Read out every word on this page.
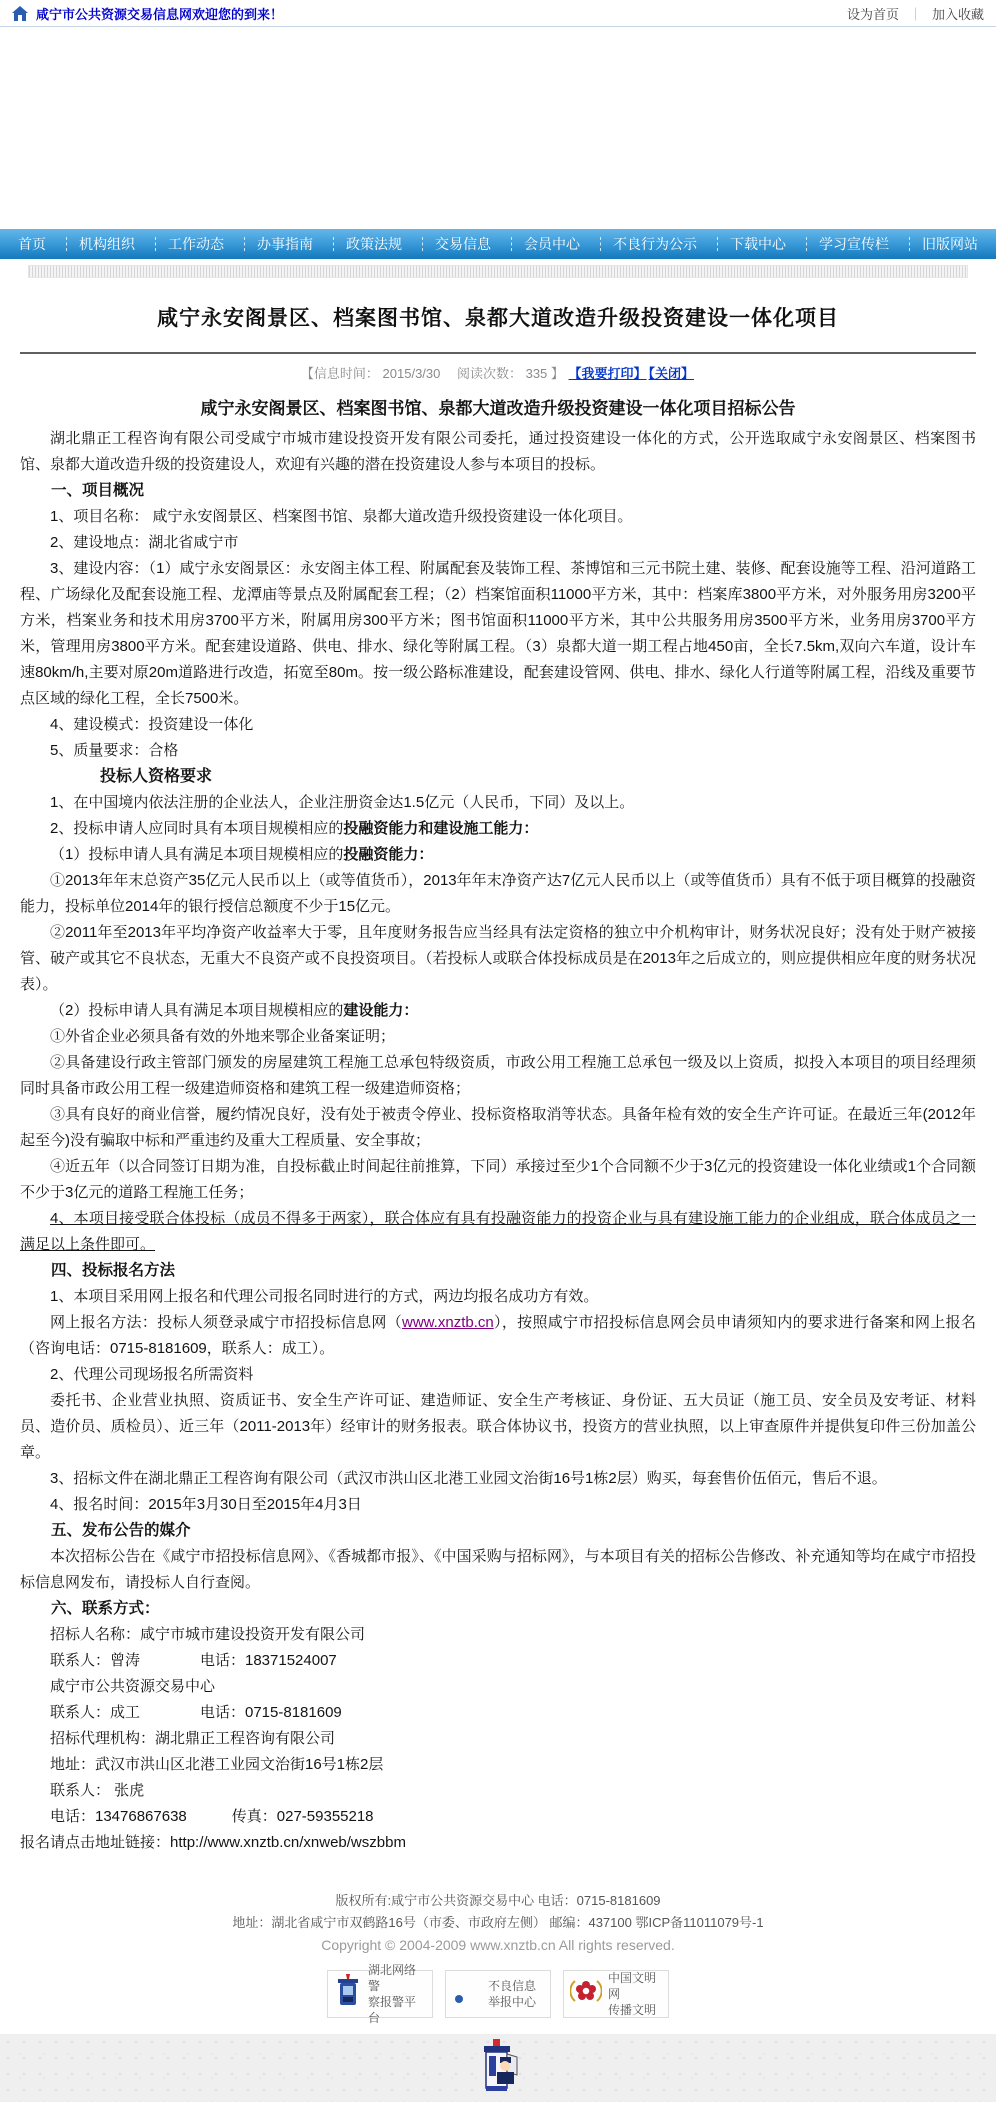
咸宁市公共资源交易信息网欢迎您的到来！	设为首页 ｜ 加入收藏
首页	机构组织	工作动态	办事指南	政策法规	交易信息	会员中心	不良行为公示	下载中心	学习宣传栏	旧版网站
咸宁永安阁景区、档案图书馆、泉都大道改造升级投资建设一体化项目
【信息时间： 2015/3/30　 阅读次数： 335 】 【我要打印】 【关闭】

咸宁永安阁景区、档案图书馆、泉都大道改造升级投资建设一体化项目招标公告

湖北鼎正工程咨询有限公司受咸宁市城市建设投资开发有限公司委托，通过投资建设一体化的方式，公开选取咸宁永安阁景区、档案图书馆、泉都大道改造升级的投资建设人，欢迎有兴趣的潜在投资建设人参与本项目的投标。

一、项目概况

1、项目名称： 咸宁永安阁景区、档案图书馆、泉都大道改造升级投资建设一体化项目。

2、建设地点：湖北省咸宁市

3、建设内容：（1）咸宁永安阁景区：永安阁主体工程、附属配套及装饰工程、茶博馆和三元书院土建、装修、配套设施等工程、沿河道路工程、广场绿化及配套设施工程、龙潭庙等景点及附属配套工程；（2）档案馆面积11000平方米，其中：档案库3800平方米，对外服务用房3200平方米，档案业务和技术用房3700平方米，附属用房300平方米；图书馆面积11000平方米，其中公共服务用房3500平方米，业务用房3700平方米，管理用房3800平方米。配套建设道路、供电、排水、绿化等附属工程。（3）泉都大道一期工程占地450亩，全长7.5km,双向六车道，设计车速80km/h,主要对原20m道路进行改造，拓宽至80m。按一级公路标准建设，配套建设管网、供电、排水、绿化人行道等附属工程，沿线及重要节点区域的绿化工程，全长7500米。

4、建设模式：投资建设一体化

5、质量要求：合格

投标人资格要求

1、在中国境内依法注册的企业法人，企业注册资金达1.5亿元（人民币，下同）及以上。

2、投标申请人应同时具有本项目规模相应的投融资能力和建设施工能力：

（1）投标申请人具有满足本项目规模相应的投融资能力：

①2013年年末总资产35亿元人民币以上（或等值货币），2013年年末净资产达7亿元人民币以上（或等值货币）具有不低于项目概算的投融资能力，投标单位2014年的银行授信总额度不少于15亿元。

②2011年至2013年平均净资产收益率大于零，且年度财务报告应当经具有法定资格的独立中介机构审计，财务状况良好；没有处于财产被接管、破产或其它不良状态，无重大不良资产或不良投资项目。（若投标人或联合体投标成员是在2013年之后成立的，则应提供相应年度的财务状况表）。

（2）投标申请人具有满足本项目规模相应的建设能力：

①外省企业必须具备有效的外地来鄂企业备案证明；

②具备建设行政主管部门颁发的房屋建筑工程施工总承包特级资质，市政公用工程施工总承包一级及以上资质，拟投入本项目的项目经理须同时具备市政公用工程一级建造师资格和建筑工程一级建造师资格；

③具有良好的商业信誉，履约情况良好，没有处于被责令停业、投标资格取消等状态。具备年检有效的安全生产许可证。在最近三年(2012年起至今)没有骗取中标和严重违约及重大工程质量、安全事故；

④近五年（以合同签订日期为准，自投标截止时间起往前推算，下同）承接过至少1个合同额不少于3亿元的投资建设一体化业绩或1个合同额不少于3亿元的道路工程施工任务；

4、本项目接受联合体投标（成员不得多于两家），联合体应有具有投融资能力的投资企业与具有建设施工能力的企业组成，联合体成员之一满足以上条件即可。

四、投标报名方法

1、本项目采用网上报名和代理公司报名同时进行的方式，两边均报名成功方有效。

网上报名方法：投标人须登录咸宁市招投标信息网（www.xnztb.cn），按照咸宁市招投标信息网会员申请须知内的要求进行备案和网上报名（咨询电话：0715-8181609，联系人：成工）。

2、代理公司现场报名所需资料

委托书、企业营业执照、资质证书、安全生产许可证、建造师证、安全生产考核证、身份证、五大员证（施工员、安全员及安考证、材料员、造价员、质检员）、近三年（2011-2013年）经审计的财务报表。联合体协议书，投资方的营业执照，以上审查原件并提供复印件三份加盖公章。

3、招标文件在湖北鼎正工程咨询有限公司（武汉市洪山区北港工业园文治街16号1栋2层）购买，每套售价伍佰元，售后不退。

4、报名时间：2015年3月30日至2015年4月3日

五、发布公告的媒介

本次招标公告在《咸宁市招投标信息网》、《香城都市报》、《中国采购与招标网》，与本项目有关的招标公告修改、补充通知等均在咸宁市招投标信息网发布，请投标人自行查阅。

六、联系方式：

招标人名称：咸宁市城市建设投资开发有限公司

联系人：曾涛　　　　电话：18371524007

咸宁市公共资源交易中心

联系人：成工　　　　电话：0715-8181609

招标代理机构：湖北鼎正工程咨询有限公司

地址：武汉市洪山区北港工业园文治街16号1栋2层

联系人： 张虎

电话：13476867638　　　传真：027-59355218

报名请点击地址链接：http://www.xnztb.cn/xnweb/wszbbm

版权所有:咸宁市公共资源交易中心 电话：0715-8181609
地址：湖北省咸宁市双鹤路16号（市委、市政府左侧） 邮编：437100 鄂ICP备11011079号-1
Copyright © 2004-2009 www.xnztb.cn All rights reserved.
湖北网络警
察报警平台
不良信息
举报中心
中国文明网
传播文明
